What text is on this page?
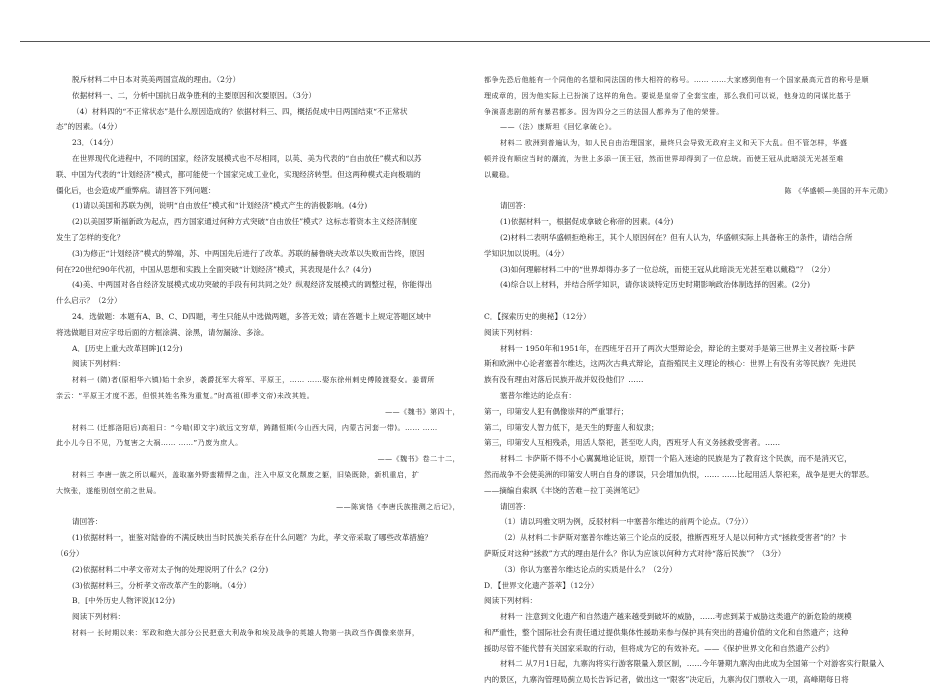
脱斥材料二中日本对英美两国宣战的理由。（2分）

依据材料一、二，分析中国抗日战争胜利的主要原因和次要原因。（3分）

（4）材料四的“不正常状态”是什么原因造成的？依据材料三、四，概括促成中日两国结束“不正常状

态”的因素。（4分）

23．（14分）

在世界现代化进程中，不同的国家，经济发展模式也不尽相同，以英、美为代表的“自由放任”模式和以苏

联、中国为代表的“计划经济”模式，都可能使一个国家完成工业化，实现经济转型。但这两种模式走向极端的

僵化后，也会造成严重弊病。请回答下列问题：

(1)请以美国和苏联为例，说明“自由放任”模式和“计划经济”模式产生的消极影响。(4分)

(2)以美国罗斯福新政为起点，西方国家通过何种方式突破“自由放任”模式？这标志着资本主义经济制度

发生了怎样的变化？

(3)为修正“计划经济”模式的弊端，苏、中两国先后进行了改革。苏联的赫鲁晓夫改革以失败而告终，原因

何在?20世纪90年代初，中国从思想和实践上全面突破“计划经济”模式，其表现是什么？(4分)

(4)美、中两国对各自经济发展模式成功突破的手段有何共同之处？纵观经济发展模式的调整过程，你能得出

什么启示？（2分）

24．选做题：本题有A、B、C、D四题，考生只能从中选做两题，多答无效；请在答题卡上规定答题区域中

将选做题目对应字母后面的方框涂满、涂黑，请勿漏涂、多涂。

A．[历史上重大改革回眸](12分)

阅读下列材料：

材料一 (隋)者(原相华六镇)始十余岁，袭爵抚军大将军、平原王，…… ……娶东徐州刺史傅陵渡娶女。姜谓所

亲云：“平原王才度不恶，但恨其姓名殊为重复。”时高祖(即孝文帝)未改其姓。

——《魏书》第四十，

材料二 (迁都洛阳后)高祖曰：“今啮(即文字)欲远文穷草，踌躇恒斯(今山西大同，内蒙古河套一带)。…… ……

此小儿今日不见，乃复害之大祸…… ……”乃废为庶人。

——《魏书》卷二十二，

材料三 李唐一族之所以崛兴，盖取塞外野蛮精悍之血，注入中原文化颓废之躯，旧染既除，新机重启，扩

大恢张，遂能别创空前之世局。

——陈寅恪《李唐氏族推测之后记》，

请回答：

(1)依据材料一，崔鉴对陆眷的不满反映出当时民族关系存在什么问题？为此，孝文帝采取了哪些改革措施？

（6分）

(2)依据材料二中孝文帝对太子恂的处理说明了什么？(2分)

(3)依据材料三，分析孝文帝改革产生的影响。（4分）

B．[中外历史人物评说](12分)

阅读下列材料：

材料一 长时期以来：军政和绝大部分公民把意大利战争和埃及战争的英雄人物第一执政当作偶像来崇拜，

都争先恐后他能有一个同他的名望和同法国的伟大相符的称号。…… ……大家感到他有一个国家最高元首的称号是顺

理成章的，因为他实际上已扮演了这样的角色。要说是皇帝了全套宝座，那么我们可以说，他身边的同谋比基于

争演喜悲剧的所有暴君都多。因为四分之三的法国人都养为了他的荣誉。

——（法）康斯坦《回忆拿破仑》。

材料二 欧洲到普遍认为，如人民自由治理国家，最终只会导致无政府主义和天下大乱。但不管怎样，华盛

顿并没有顺应当时的潮流，为世上多添一顶王冠，然而世界却得到了一位总统。而使王冠从此暗淡无光甚至难

以戴稳。

陈 《华盛顿—美国的开车元勋》

请回答：

(1)依据材料一，根据促成拿破仑称帝的因素。(4分)

(2)材料二表明华盛顿拒绝称王，其个人原因何在？但有人认为，华盛顿实际上具备称王的条件，请结合所

学知识加以说明。（4分）

(3)如何理解材料二中的“世界却得办多了一位总统，而使王冠从此暗淡无光甚至难以戴稳”？（2分）

(4)综合以上材料，并结合所学知识，请你谈谈特定历史时期影响政治体制选择的因素。(2分)

C．【探索历史的奥秘】（12分）

阅读下列材料：

材料一 1950年和1951年，在西班牙召开了两次大型辩论会，辩论的主要对手是第三世界主义者拉斯·卡萨

斯和欧洲中心论者塞普尔维达，这两次古典式辩论，直指殖民主义理论的核心：世界上有没有劣等民族？先进民

族有没有理由对落后民族开战并奴役他们？……

塞普尔维达的论点有：

第一，印第安人犯有偶像崇拜的严重罪行；

第二，印第安人智力低下，是天生的野蛮人和奴隶；

第三，印第安人互相残杀，用活人祭祀，甚至吃人肉，西班牙人有义务拯救受害者。……

材料二 卡萨斯不得不小心翼翼地论证说，原罚一个陷入迷途的民族是为了教育这个民族，而不是消灭它，

然而战争不会使美洲的印第安人明白自身的谬误，只会增加仇恨，…… ……比起用活人祭祀来，战争是更大的罪恶。

——摘编自索飒《丰饶的苦难－拉丁美洲笔记》

请回答：

（1）请以玛雅文明为例，反驳材料一中塞普尔维达的前两个论点。（7分））

（2）从材料二卡萨斯对塞普尔维达第三个论点的反驳，推断西班牙人是以何种方式“拯救受害者”的？卡

萨斯反对这种“拯救”方式的理由是什么？你认为应该以何种方式对待“落后民族”？（3分）

（3）你认为塞普尔维达论点的实质是什么？（2分）

D．【世界文化遗产荟萃】（12分）

阅读下列材料：

材料一 注意到文化遗产和自然遗产越来越受到破坏的威胁，……考虑到某于威胁这类遗产的新危险的规模

和严重性，整个国际社会有责任通过提供集体性援助来参与保护具有突出的普遍价值的文化和自然遗产；这种

援助尽管不能代替有关国家采取的行动，但将成为它的有效补充。——《保护世界文化和自然遗产公约》

材料二 从7月1日起，九寨沟将实行游客限量入景区制，……今年暑期九寨沟由此成为全国第一个对游客实行限量入

内的景区，九寨沟管理局蓟立局长告诉记者，做出这一“限客”决定后，九寨沟仅门票收入一项，高峰期每日将
